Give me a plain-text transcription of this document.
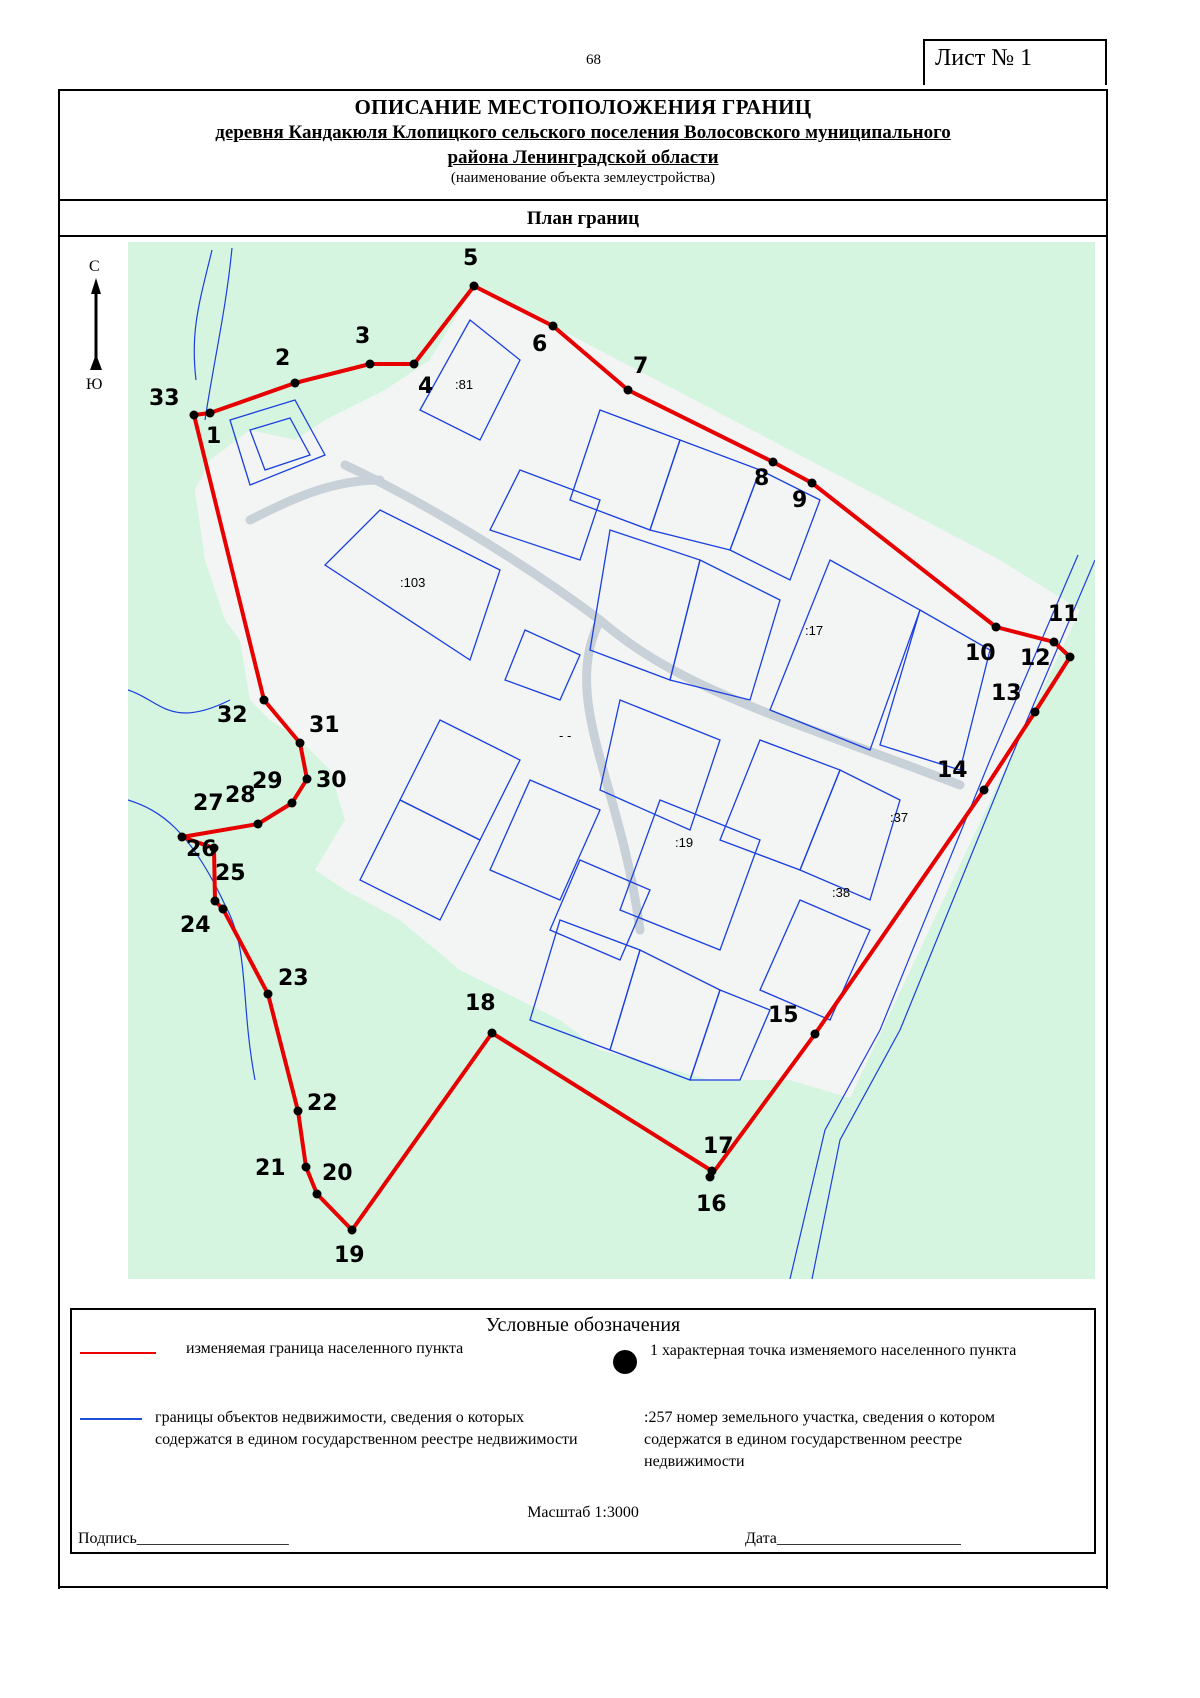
68	Лист № 1
ОПИСАНИЕ МЕСТОПОЛОЖЕНИЯ ГРАНИЦ
деревня Кандакюля Клопицкого сельского поселения Волосовского муниципального
района Ленинградской области
(наименование объекта землеустройства)
План границ
С
Ю	:81
:103
:17
:19
:37
:38
- -
1
2
3
4
5
6
7
8
9
10
11
12
13
14
15
16
17
18
19
20
21
22
23
24
25
26
27 28
29 30
31
32
33
Условные обозначения
изменяемая граница населенного пункта	1 характерная точка изменяемого населенного пункта
границы объектов недвижимости, сведения о которых содержатся в едином государственном реестре недвижимости
:257 номер земельного участка, сведения о котором содержатся в едином государственном реестре недвижимости
Масштаб 1:3000
Подпись___________________	Дата_______________________
